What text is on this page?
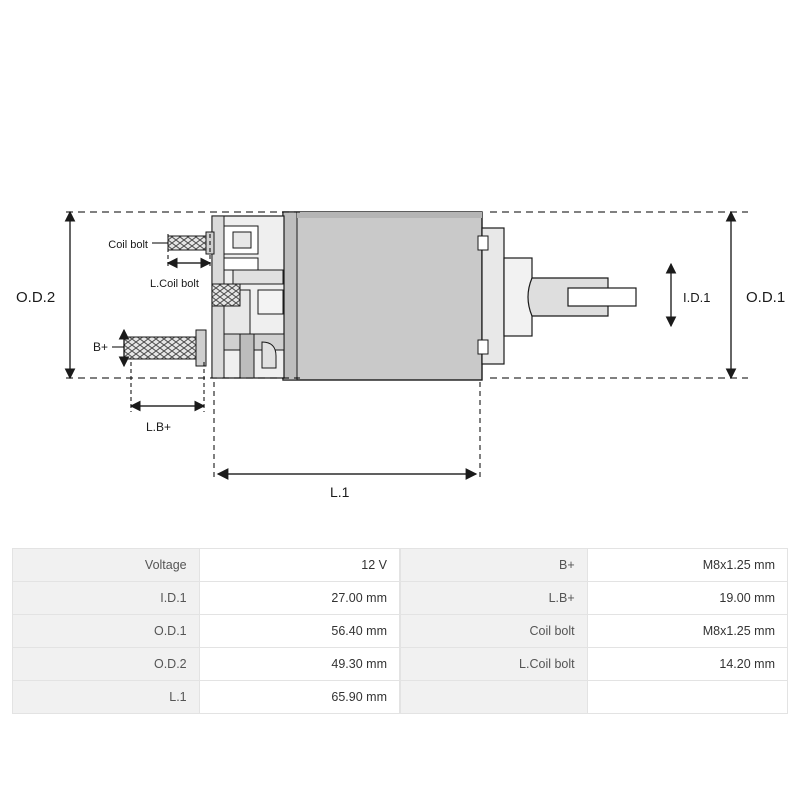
O.D.2	O.D.1
I.D.1
Coil bolt
L.Coil bolt
B+
L.B+
L.1
Voltage	12 V
I.D.1	27.00 mm
O.D.1	56.40 mm
O.D.2	49.30 mm
L.1	65.90 mm
B+	M8x1.25 mm
L.B+	19.00 mm
Coil bolt	M8x1.25 mm
L.Coil bolt	14.20 mm
